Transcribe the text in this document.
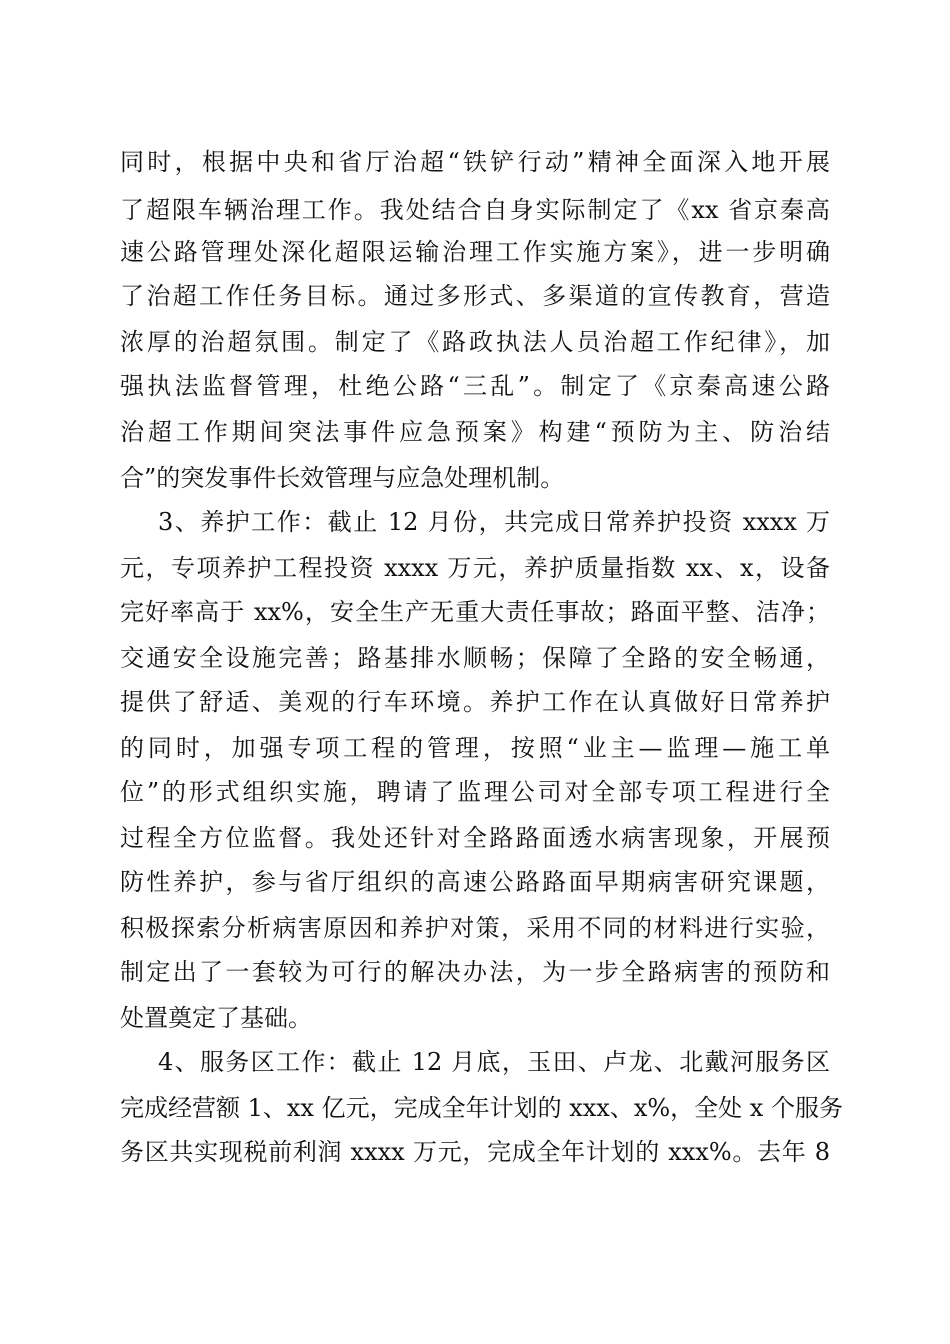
同时，根据中央和省厅治超“铁铲行动”精神全面深入地开展
了超限车辆治理工作。我处结合自身实际制定了《xx 省京秦高
速公路管理处深化超限运输治理工作实施方案》，进一步明确
了治超工作任务目标。通过多形式、多渠道的宣传教育，营造
浓厚的治超氛围。制定了《路政执法人员治超工作纪律》，加
强执法监督管理，杜绝公路“三乱”。制定了《京秦高速公路
治超工作期间突法事件应急预案》构建“预防为主、防治结
合”的突发事件长效管理与应急处理机制。
3、养护工作：截止 12 月份，共完成日常养护投资 xxxx 万
元，专项养护工程投资 xxxx 万元，养护质量指数 xx、x，设备
完好率高于 xx%，安全生产无重大责任事故；路面平整、洁净；
交通安全设施完善；路基排水顺畅；保障了全路的安全畅通，
提供了舒适、美观的行车环境。养护工作在认真做好日常养护
的同时，加强专项工程的管理，按照“业主—监理—施工单
位”的形式组织实施，聘请了监理公司对全部专项工程进行全
过程全方位监督。我处还针对全路路面透水病害现象，开展预
防性养护，参与省厅组织的高速公路路面早期病害研究课题，
积极探索分析病害原因和养护对策，采用不同的材料进行实验，
制定出了一套较为可行的解决办法，为一步全路病害的预防和
处置奠定了基础。
4、服务区工作：截止 12 月底，玉田、卢龙、北戴河服务区
完成经营额 1、xx 亿元，完成全年计划的 xxx、x%，全处 x 个服务
务区共实现税前利润 xxxx 万元，完成全年计划的 xxx%。去年 8
